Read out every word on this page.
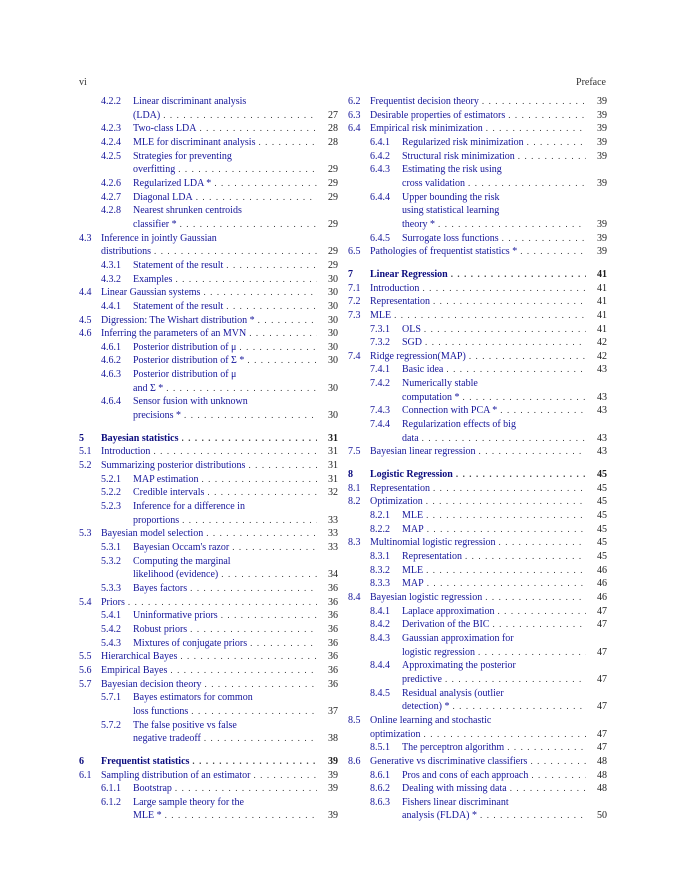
vi	Preface
4.2.2 Linear discriminant analysis
(LDA) . . .	27
4.2.3 Two-class LDA . . .	28
4.2.4 MLE for discriminant analysis . . .	28
4.2.5 Strategies for preventing
overfitting . . .	29
4.2.6 Regularized LDA * . . .	29
4.2.7 Diagonal LDA . . .	29
4.2.8 Nearest shrunken centroids
classifier * . . .	29
4.3 Inference in jointly Gaussian
distributions . . .	29
4.3.1 Statement of the result . . .	29
4.3.2 Examples . . .	30
4.4 Linear Gaussian systems . . .	30
4.4.1 Statement of the result . . .	30
4.5 Digression: The Wishart distribution * . . .	30
4.6 Inferring the parameters of an MVN . . .	30
4.6.1 Posterior distribution of μ . . .	30
4.6.2 Posterior distribution of Σ * . . .	30
4.6.3 Posterior distribution of μ
and Σ * . . .	30
4.6.4 Sensor fusion with unknown
precisions * . . .	30
5 Bayesian statistics . . .	31
5.1 Introduction . . .	31
5.2 Summarizing posterior distributions . . .	31
5.2.1 MAP estimation . . .	31
5.2.2 Credible intervals . . .	32
5.2.3 Inference for a difference in
proportions . . .	33
5.3 Bayesian model selection . . .	33
5.3.1 Bayesian Occam's razor . . .	33
5.3.2 Computing the marginal
likelihood (evidence) . . .	34
5.3.3 Bayes factors . . .	36
5.4 Priors . . .	36
5.4.1 Uninformative priors . . .	36
5.4.2 Robust priors . . .	36
5.4.3 Mixtures of conjugate priors . . .	36
5.5 Hierarchical Bayes . . .	36
5.6 Empirical Bayes . . .	36
5.7 Bayesian decision theory . . .	36
5.7.1 Bayes estimators for common
loss functions . . .	37
5.7.2 The false positive vs false
negative tradeoff . . .	38
6 Frequentist statistics . . .	39
6.1 Sampling distribution of an estimator . . .	39
6.1.1 Bootstrap . . .	39
6.1.2 Large sample theory for the
MLE * . . .	39
6.2 Frequentist decision theory . . .	39
6.3 Desirable properties of estimators . . .	39
6.4 Empirical risk minimization . . .	39
6.4.1 Regularized risk minimization . . .	39
6.4.2 Structural risk minimization . . .	39
6.4.3 Estimating the risk using
cross validation . . .	39
6.4.4 Upper bounding the risk
using statistical learning
theory * . . .	39
6.4.5 Surrogate loss functions . . .	39
6.5 Pathologies of frequentist statistics * . . .	39
7 Linear Regression . . .	41
7.1 Introduction . . .	41
7.2 Representation . . .	41
7.3 MLE . . .	41
7.3.1 OLS . . .	41
7.3.2 SGD . . .	42
7.4 Ridge regression(MAP) . . .	42
7.4.1 Basic idea . . .	43
7.4.2 Numerically stable
computation * . . .	43
7.4.3 Connection with PCA * . . .	43
7.4.4 Regularization effects of big
data . . .	43
7.5 Bayesian linear regression . . .	43
8 Logistic Regression . . .	45
8.1 Representation . . .	45
8.2 Optimization . . .	45
8.2.1 MLE . . .	45
8.2.2 MAP . . .	45
8.3 Multinomial logistic regression . . .	45
8.3.1 Representation . . .	45
8.3.2 MLE . . .	46
8.3.3 MAP . . .	46
8.4 Bayesian logistic regression . . .	46
8.4.1 Laplace approximation . . .	47
8.4.2 Derivation of the BIC . . .	47
8.4.3 Gaussian approximation for
logistic regression . . .	47
8.4.4 Approximating the posterior
predictive . . .	47
8.4.5 Residual analysis (outlier
detection) * . . .	47
8.5 Online learning and stochastic
optimization . . .	47
8.5.1 The perceptron algorithm . . .	47
8.6 Generative vs discriminative classifiers . . .	48
8.6.1 Pros and cons of each approach . . .	48
8.6.2 Dealing with missing data . . .	48
8.6.3 Fishers linear discriminant
analysis (FLDA) * . . .	50
